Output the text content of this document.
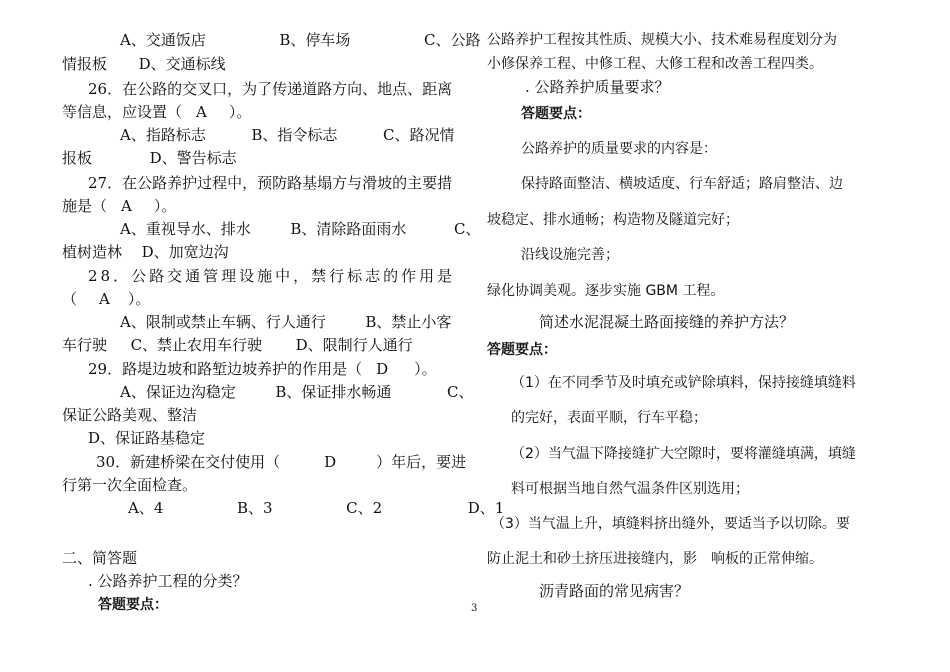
A、交通饭店	B、停车场	C、公路
情报板 D、交通标线
26．在公路的交叉口，为了传递道路方向、地点、距离
等信息，应设置（ A ）。
A、指路标志	B、指令标志	C、路况情
报板	D、警告标志
27．在公路养护过程中，预防路基塌方与滑坡的主要措
施是（ A ）。
A、重视导水、排水	B、清除路面雨水	C、
植树造林 D、加宽边沟
28．公路交通管理设施中，禁行标志的作用是
（ A ）。
A、限制或禁止车辆、行人通行	B、禁止小客
车行驶 C、禁止农用车行驶 D、限制行人通行
29．路堤边坡和路堑边坡养护的作用是（ D ）。
A、保证边沟稳定	B、保证排水畅通	C、
保证公路美观、整洁
D、保证路基稳定
30．新建桥梁在交付使用（	D	）年后，要进
行第一次全面检查。
A、4	B、3	C、2	D、1
二、简答题
. 公路养护工程的分类？
答题要点：
公路养护工程按其性质、规模大小、技术难易程度划分为
小修保养工程、中修工程、大修工程和改善工程四类。
. 公路养护质量要求？
答题要点：
公路养护的质量要求的内容是：
保持路面整洁、横坡适度、行车舒适；路肩整洁、边
坡稳定、排水通畅；构造物及隧道完好；
沿线设施完善；
绿化协调美观。逐步实施 GBM 工程。
简述水泥混凝土路面接缝的养护方法？
答题要点：
（1）在不同季节及时填充或铲除填料，保持接缝填缝料
的完好，表面平顺，行车平稳；
（2）当气温下降接缝扩大空隙时，要将灌缝填满，填缝
料可根据当地自然气温条件区别选用；
（3）当气温上升，填缝料挤出缝外，要适当予以切除。要
防止泥土和砂土挤压进接缝内，影　响板的正常伸缩。
沥青路面的常见病害？
3
